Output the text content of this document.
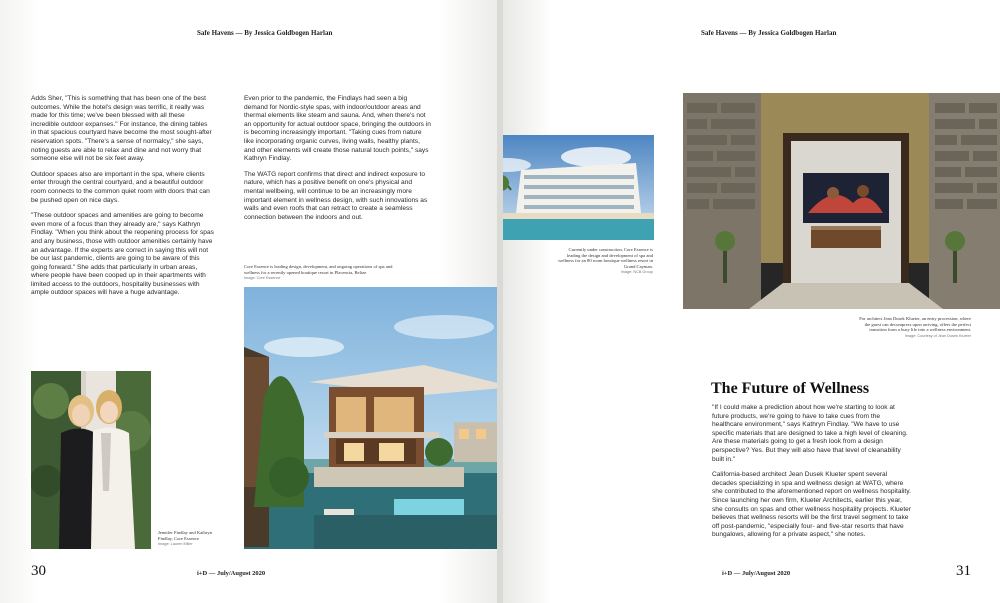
Safe Havens — By Jessica Goldbogen Harlan

Adds Sher, "This is something that has been one of the best outcomes. While the hotel's design was terrific, it really was made for this time; we've been blessed with all these incredible outdoor expanses." For instance, the dining tables in that spacious courtyard have become the most sought-after reservation spots. "There's a sense of normalcy," she says, noting guests are able to relax and dine and not worry that someone else will not be six feet away.

Outdoor spaces also are important in the spa, where clients enter through the central courtyard, and a beautiful outdoor room connects to the common quiet room with doors that can be pushed open on nice days.

"These outdoor spaces and amenities are going to become even more of a focus than they already are," says Kathryn Findlay. "When you think about the reopening process for spas and any business, those with outdoor amenities certainly have an advantage. If the experts are correct in saying this will not be our last pandemic, clients are going to be aware of this going forward." She adds that particularly in urban areas, where people have been cooped up in their apartments with limited access to the outdoors, hospitality businesses with ample outdoor spaces will have a huge advantage.

Even prior to the pandemic, the Findlays had seen a big demand for Nordic-style spas, with indoor/outdoor areas and thermal elements like steam and sauna. And, when there's not an opportunity for actual outdoor space, bringing the outdoors in is becoming increasingly important. "Taking cues from nature like incorporating organic curves, living walls, healthy plants, and other elements will create those natural touch points," says Kathryn Findlay.

The WATG report confirms that direct and indirect exposure to nature, which has a positive benefit on one's physical and mental wellbeing, will continue to be an increasingly more important element in wellness design, with such innovations as walls and even roofs that can retract to create a seamless connection between the indoors and out.

Core Essence is leading design, development, and ongoing operations of spa and wellness for a recently opened boutique resort in Placencia, Belize.
Image: Core Essence
Jennifer Findlay and Kathryn Findlay, Core Essence
Image: Lauren Miller
30	i+D — July/August 2020
Safe Havens — By Jessica Goldbogen Harlan
Currently under construction, Core Essence is leading the design and development of spa and wellness for an 80 room boutique wellness resort in Grand Cayman.
Image: NCB Group
For architect Jean Dusek Klueter, an entry procession, where the guest can decompress upon arriving, offers the perfect transition from a busy life into a wellness environment.
Image: Courtesy of Jean Dusek Klueter
The Future of Wellness

"If I could make a prediction about how we're starting to look at future products, we're going to have to take cues from the healthcare environment," says Kathryn Findlay. "We have to use specific materials that are designed to take a high level of cleaning. Are these materials going to get a fresh look from a design perspective? Yes. But they will also have that level of cleanability built in."

California-based architect Jean Dusek Klueter spent several decades specializing in spa and wellness design at WATG, where she contributed to the aforementioned report on wellness hospitality. Since launching her own firm, Klueter Architects, earlier this year, she consults on spas and other wellness hospitality projects. Klueter believes that wellness resorts will be the first travel segment to take off post-pandemic, "especially four- and five-star resorts that have bungalows, allowing for a private aspect," she notes.

i+D — July/August 2020	31
